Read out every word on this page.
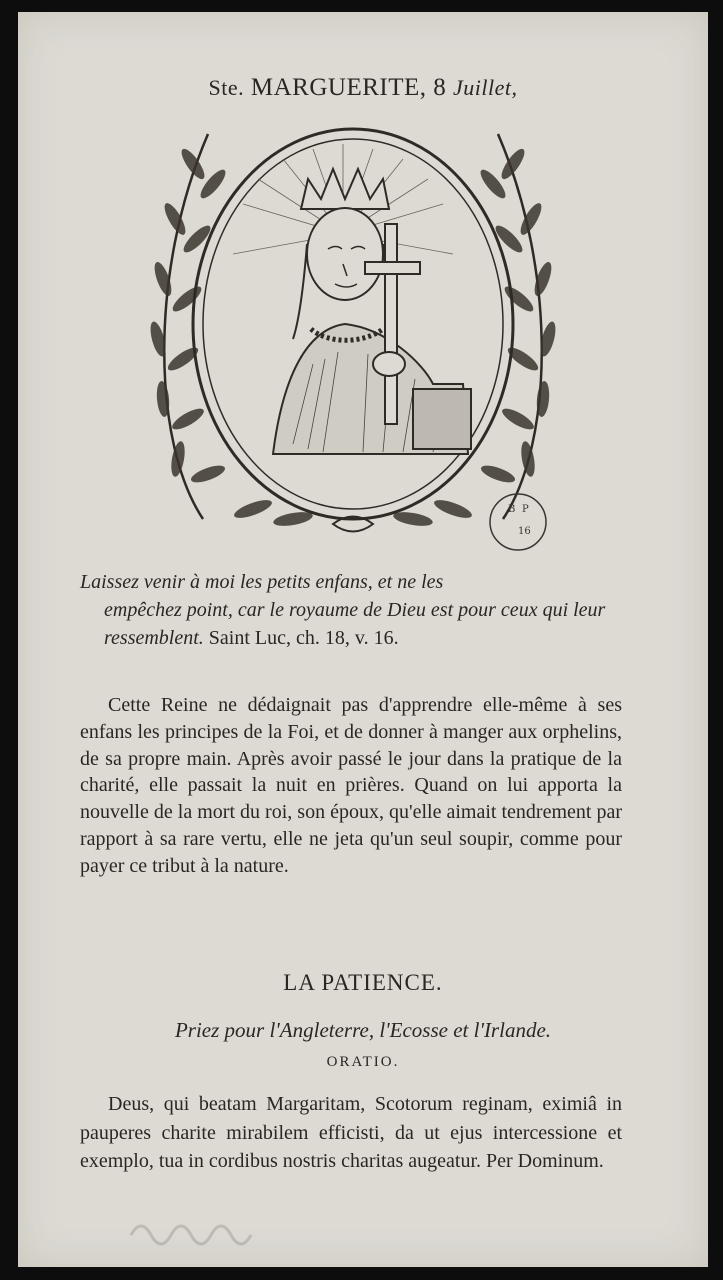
Ste. MARGUERITE, 8 Juillet,
B P
16
Laissez venir à moi les petits enfans, et ne les
empêchez point, car le royaume de Dieu est pour ceux qui leur ressemblent. Saint Luc, ch. 18, v. 16.
Cette Reine ne dédaignait pas d'apprendre elle-même à ses enfans les principes de la Foi, et de donner à manger aux orphelins, de sa propre main. Après avoir passé le jour dans la pratique de la charité, elle passait la nuit en prières. Quand on lui apporta la nouvelle de la mort du roi, son époux, qu'elle aimait tendrement par rapport à sa rare vertu, elle ne jeta qu'un seul soupir, comme pour payer ce tribut à la nature.
LA PATIENCE.
Priez pour l'Angleterre, l'Ecosse et l'Irlande.
ORATIO.
Deus, qui beatam Margaritam, Scotorum reginam, eximiâ in pauperes charite mirabilem efficisti, da ut ejus intercessione et exemplo, tua in cordibus nostris charitas augeatur. Per Dominum.
